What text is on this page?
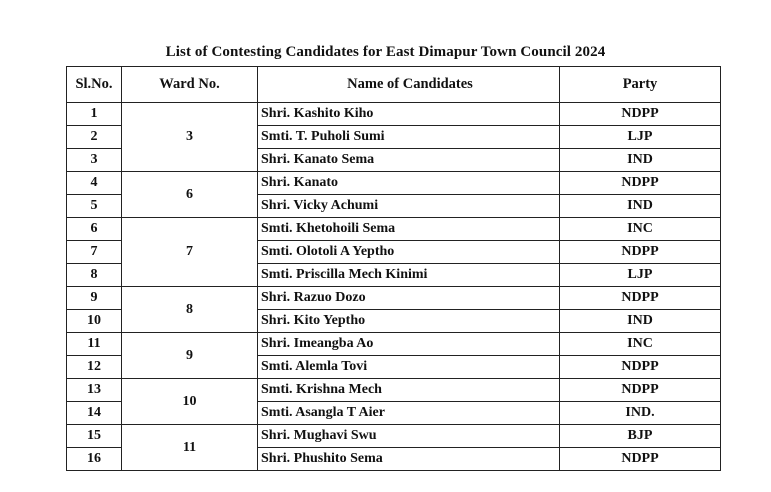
List of Contesting Candidates for East Dimapur Town Council 2024
Sl.No.	Ward No.	Name of Candidates	Party
1	3	Shri. Kashito Kiho	NDPP
2		Smti. T. Puholi Sumi	LJP
3		Shri. Kanato Sema	IND
4	6	Shri. Kanato	NDPP
5		Shri. Vicky Achumi	IND
6	7	Smti. Khetohoili Sema	INC
7		Smti. Olotoli A Yeptho	NDPP
8		Smti. Priscilla Mech Kinimi	LJP
9	8	Shri. Razuo Dozo	NDPP
10		Shri. Kito Yeptho	IND
11	9	Shri. Imeangba Ao	INC
12		Smti. Alemla Tovi	NDPP
13	10	Smti. Krishna Mech	NDPP
14		Smti. Asangla T Aier	IND.
15	11	Shri. Mughavi Swu	BJP
16		Shri. Phushito Sema	NDPP
